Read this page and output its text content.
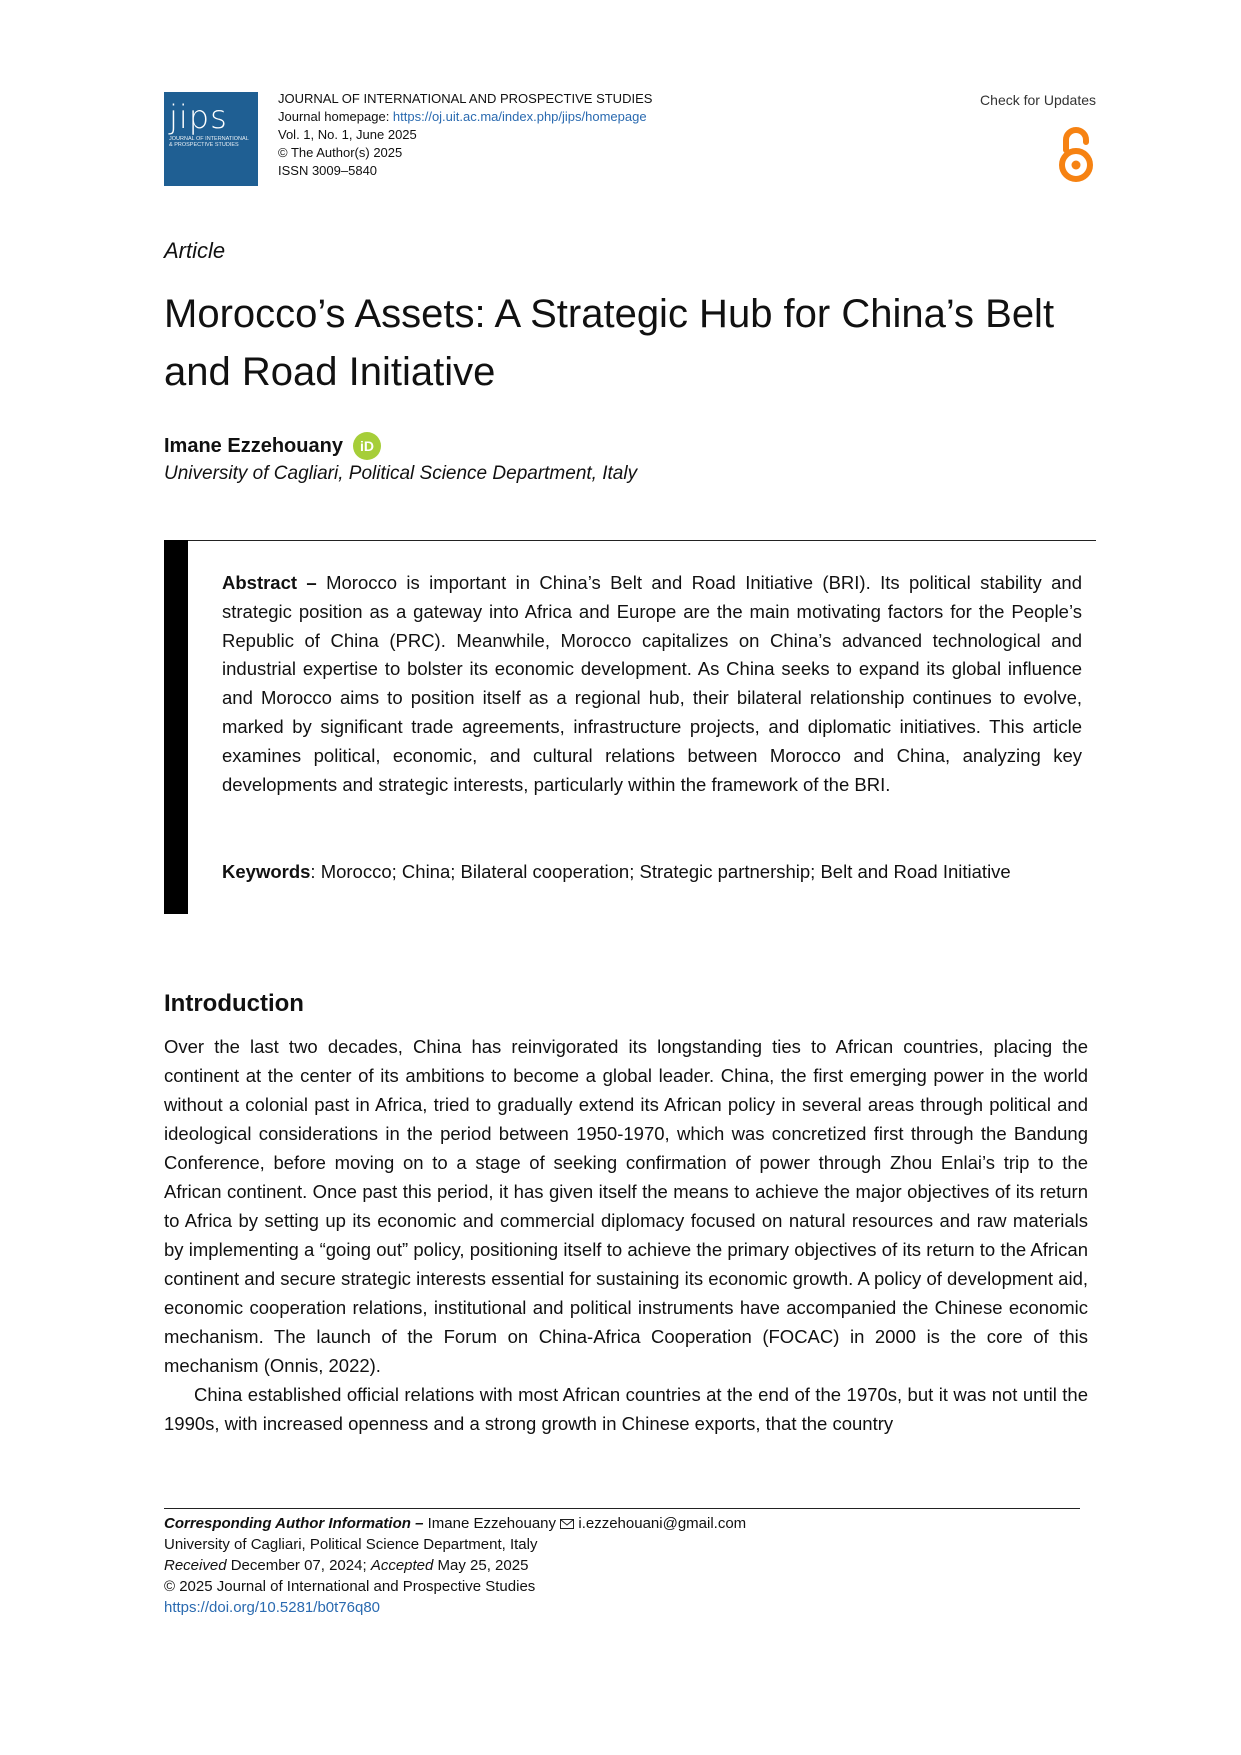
jips
JOURNAL OF INTERNATIONAL & PROSPECTIVE STUDIES
JOURNAL OF INTERNATIONAL AND PROSPECTIVE STUDIES
Journal homepage: https://oj.uit.ac.ma/index.php/jips/homepage
Vol. 1, No. 1, June 2025
© The Author(s) 2025
ISSN 3009–5840
Check for Updates
Article
Morocco’s Assets: A Strategic Hub for China’s Belt and Road Initiative
Imane Ezzehouany	iD
University of Cagliari, Political Science Department, Italy
Abstract – Morocco is important in China’s Belt and Road Initiative (BRI). Its political stability and strategic position as a gateway into Africa and Europe are the main motivating factors for the People’s Republic of China (PRC). Meanwhile, Morocco capitalizes on China’s advanced technological and industrial expertise to bolster its economic development. As China seeks to expand its global influence and Morocco aims to position itself as a regional hub, their bilateral relationship continues to evolve, marked by significant trade agreements, infrastructure projects, and diplomatic initiatives. This article examines political, economic, and cultural relations between Morocco and China, analyzing key developments and strategic interests, particularly within the framework of the BRI.
Keywords: Morocco; China; Bilateral cooperation; Strategic partnership; Belt and Road Initiative
Introduction

Over the last two decades, China has reinvigorated its longstanding ties to African countries, placing the continent at the center of its ambitions to become a global leader. China, the first emerging power in the world without a colonial past in Africa, tried to gradually extend its African policy in several areas through political and ideological considerations in the period between 1950-1970, which was concretized first through the Bandung Conference, before moving on to a stage of seeking confirmation of power through Zhou Enlai’s trip to the African continent. Once past this period, it has given itself the means to achieve the major objectives of its return to Africa by setting up its economic and commercial diplomacy focused on natural resources and raw materials by implementing a “going out” policy, positioning itself to achieve the primary objectives of its return to the African continent and secure strategic interests essential for sustaining its economic growth. A policy of development aid, economic cooperation relations, institutional and political instruments have accompanied the Chinese economic mechanism. The launch of the Forum on China-Africa Cooperation (FOCAC) in 2000 is the core of this mechanism (Onnis, 2022).

China established official relations with most African countries at the end of the 1970s, but it was not until the 1990s, with increased openness and a strong growth in Chinese exports, that the country

Corresponding Author Information – Imane Ezzehouany  i.ezzehouani@gmail.com
University of Cagliari, Political Science Department, Italy
Received December 07, 2024; Accepted May 25, 2025
© 2025 Journal of International and Prospective Studies
https://doi.org/10.5281/b0t76q80
